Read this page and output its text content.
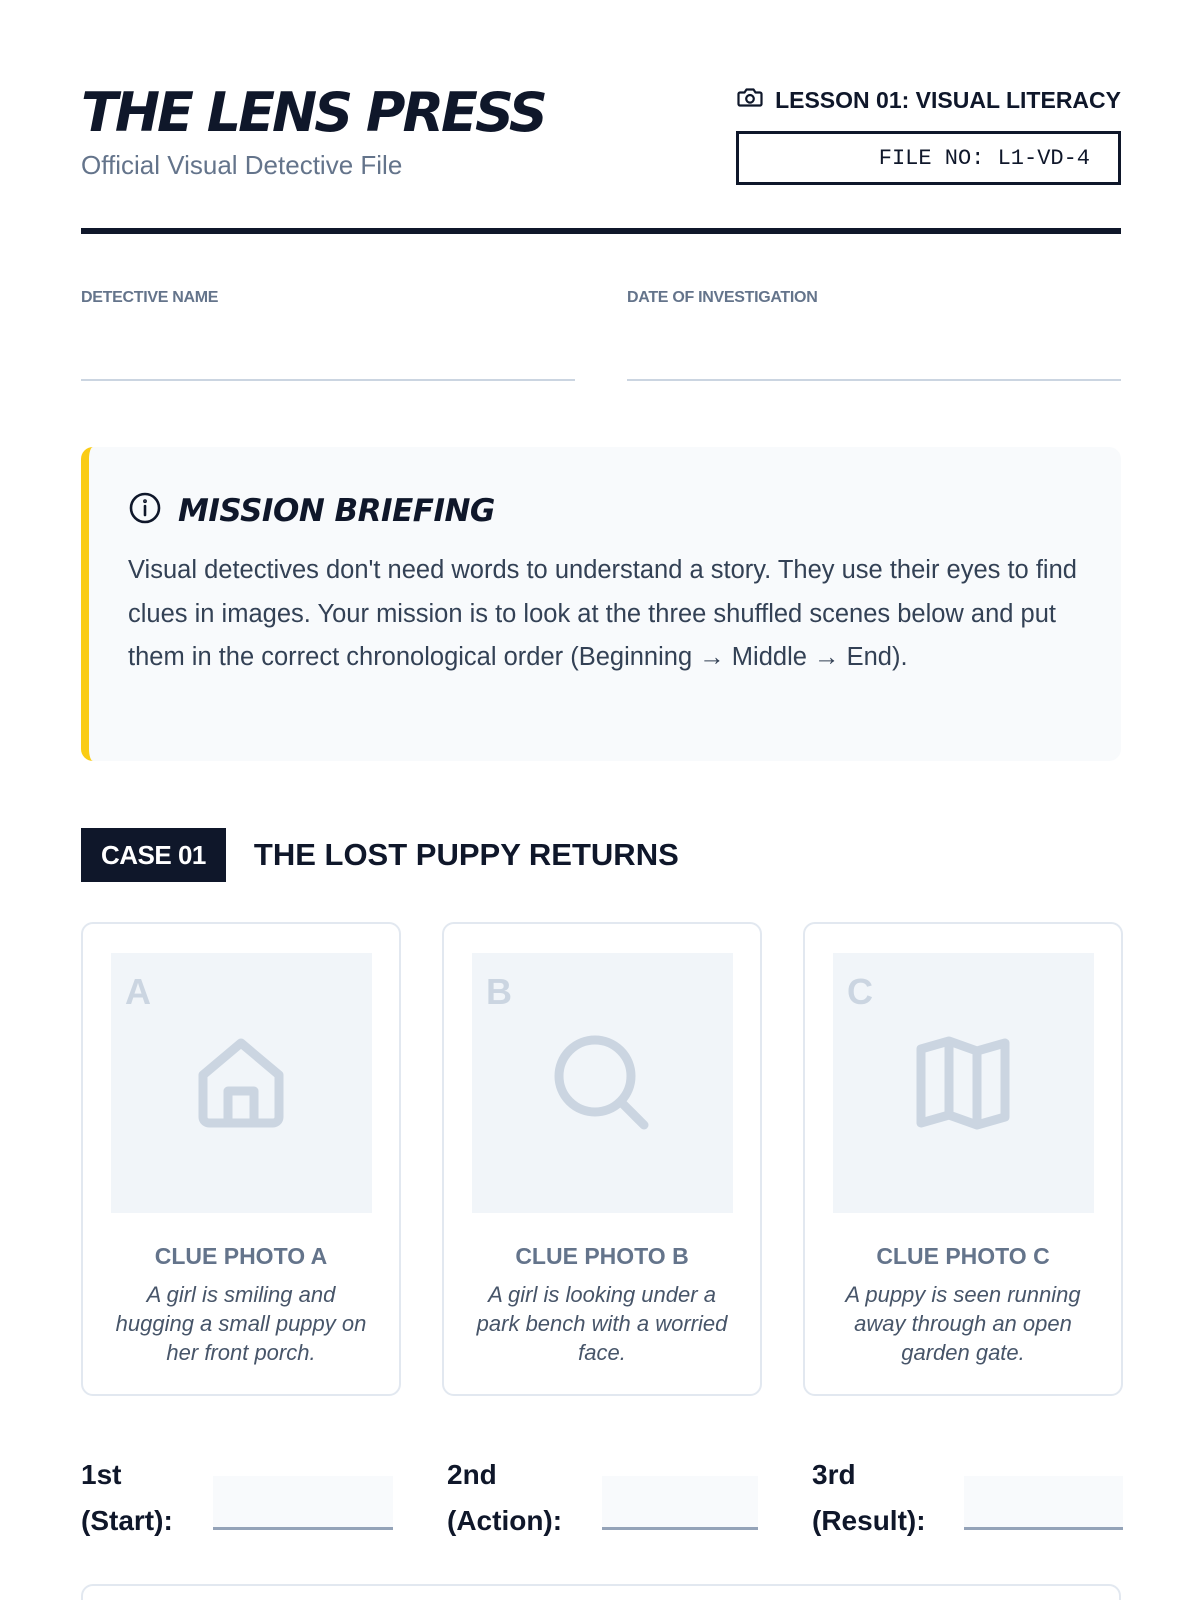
THE LENS PRESS
Official Visual Detective File
LESSON 01: VISUAL LITERACY
FILE NO: L1-VD-4
DETECTIVE NAME	DATE OF INVESTIGATION
MISSION BRIEFING
Visual detectives don't need words to understand a story. They use their eyes to find clues in images. Your mission is to look at the three shuffled scenes below and put them in the correct chronological order (Beginning → Middle → End).
CASE 01	THE LOST PUPPY RETURNS
A
CLUE PHOTO A
A girl is smiling and hugging a small puppy on her front porch.
B
CLUE PHOTO B
A girl is looking under a park bench with a worried face.
C
CLUE PHOTO C
A puppy is seen running away through an open garden gate.
1st
(Start):
2nd
(Action):
3rd
(Result):
